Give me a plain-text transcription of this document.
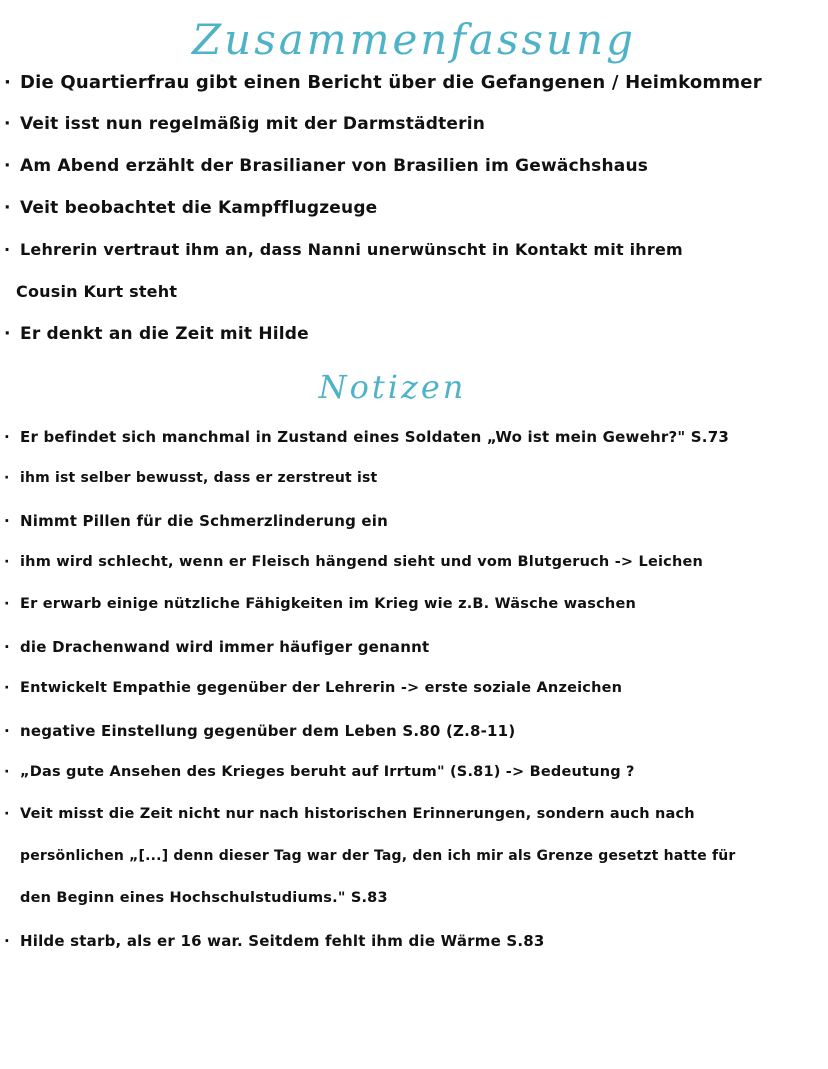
Zusammenfassung
· Die Quartierfrau gibt einen Bericht über die Gefangenen / Heimkommer
· Veit isst nun regelmäßig mit der Darmstädterin
· Am Abend erzählt der Brasilianer von Brasilien im Gewächshaus
· Veit beobachtet die Kampfflugzeuge
· Lehrerin vertraut ihm an, dass Nanni unerwünscht in Kontakt mit ihrem
Cousin Kurt steht
· Er denkt an die Zeit mit Hilde
Notizen
· Er befindet sich manchmal in Zustand eines Soldaten „Wo ist mein Gewehr?" S.73
· ihm ist selber bewusst, dass er zerstreut ist
· Nimmt Pillen für die Schmerzlinderung ein
· ihm wird schlecht, wenn er Fleisch hängend sieht und vom Blutgeruch -> Leichen
· Er erwarb einige nützliche Fähigkeiten im Krieg wie z.B. Wäsche waschen
· die Drachenwand wird immer häufiger genannt
· Entwickelt Empathie gegenüber der Lehrerin -> erste soziale Anzeichen
· negative Einstellung gegenüber dem Leben S.80 (Z.8-11)
· „Das gute Ansehen des Krieges beruht auf Irrtum" (S.81) -> Bedeutung ?
· Veit misst die Zeit nicht nur nach historischen Erinnerungen, sondern auch nach
persönlichen „[...] denn dieser Tag war der Tag, den ich mir als Grenze gesetzt hatte für
den Beginn eines Hochschulstudiums." S.83
· Hilde starb, als er 16 war. Seitdem fehlt ihm die Wärme S.83
